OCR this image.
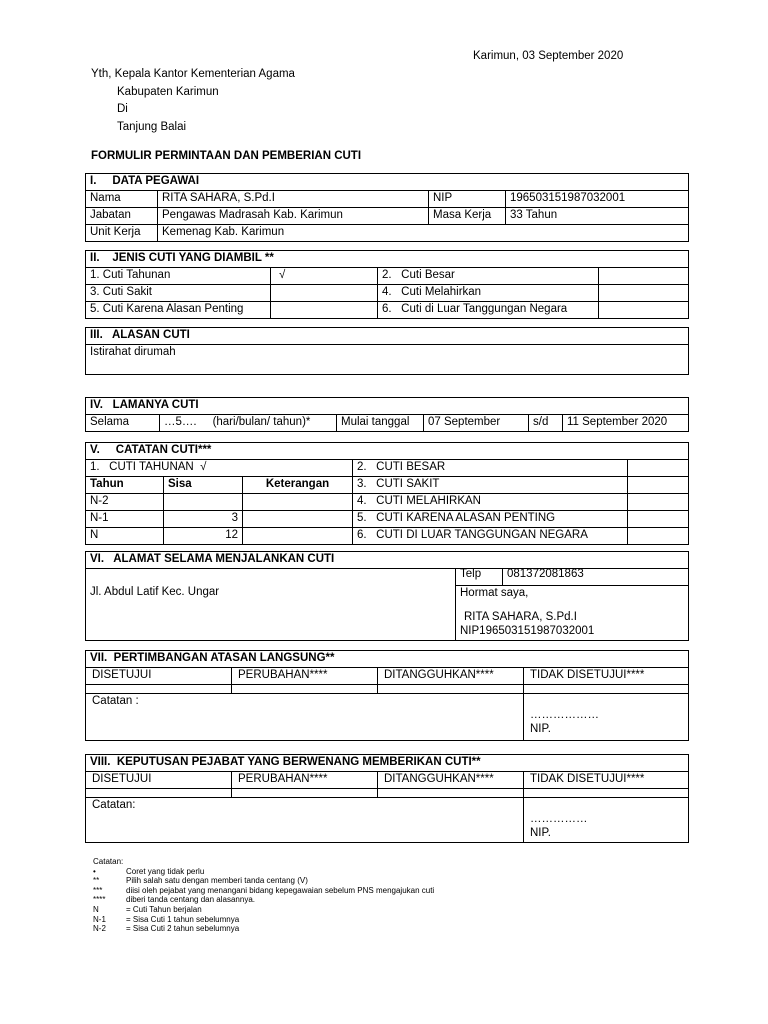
Karimun, 03 September 2020
Yth, Kepala Kantor Kementerian Agama
Kabupaten Karimun
Di
Tanjung Balai
FORMULIR PERMINTAAN DAN PEMBERIAN CUTI
I.     DATA PEGAWAI			
Nama	RITA SAHARA, S.Pd.I	NIP	196503151987032001
Jabatan	Pengawas Madrasah Kab. Karimun	Masa Kerja	33 Tahun
Unit Kerja	Kemenag Kab. Karimun		
II.    JENIS CUTI YANG DIAMBIL **			
1. Cuti Tahunan	√	2.   Cuti Besar	
3. Cuti Sakit		4.   Cuti Melahirkan	
5. Cuti Karena Alasan Penting		6.   Cuti di Luar Tanggungan Negara	
III.   ALASAN CUTI
Istirahat dirumah
IV.   LAMANYA CUTI
Selama	…5….     (hari/bulan/ tahun)*	Mulai tanggal	07 September	s/d	11 September 2020
V.     CATATAN CUTI***				
1.   CUTI TAHUNAN  √			2.   CUTI BESAR	
Tahun	Sisa	Keterangan	3.   CUTI SAKIT	
N-2			4.   CUTI MELAHIRKAN	
N-1	3		5.   CUTI KARENA ALASAN PENTING	
N	12		6.   CUTI DI LUAR TANGGUNGAN NEGARA	
VI.   ALAMAT SELAMA MENJALANKAN CUTI		
	Telp	081372081863
Jl. Abdul Latif Kec. Ungar	Hormat saya,
RITA SAHARA, S.Pd.I
NIP196503151987032001	
VII.  PERTIMBANGAN ATASAN LANGSUNG**			
DISETUJUI	PERUBAHAN****	DITANGGUHKAN****	TIDAK DISETUJUI****

Catatan :			………………
NIP.
VIII.  KEPUTUSAN PEJABAT YANG BERWENANG MEMBERIKAN CUTI**			
DISETUJUI	PERUBAHAN****	DITANGGUHKAN****	TIDAK DISETUJUI****

Catatan:			……………
NIP.
Catatan:
•	Coret yang tidak perlu
**	Pilih salah satu dengan memberi tanda centang (V)
***	diisi oleh pejabat yang menangani bidang kepegawaian sebelum PNS mengajukan cuti
****	diberi tanda centang dan alasannya.
N	= Cuti Tahun berjalan
N-1	= Sisa Cuti 1 tahun sebelumnya
N-2	= Sisa Cuti 2 tahun sebelumnya
